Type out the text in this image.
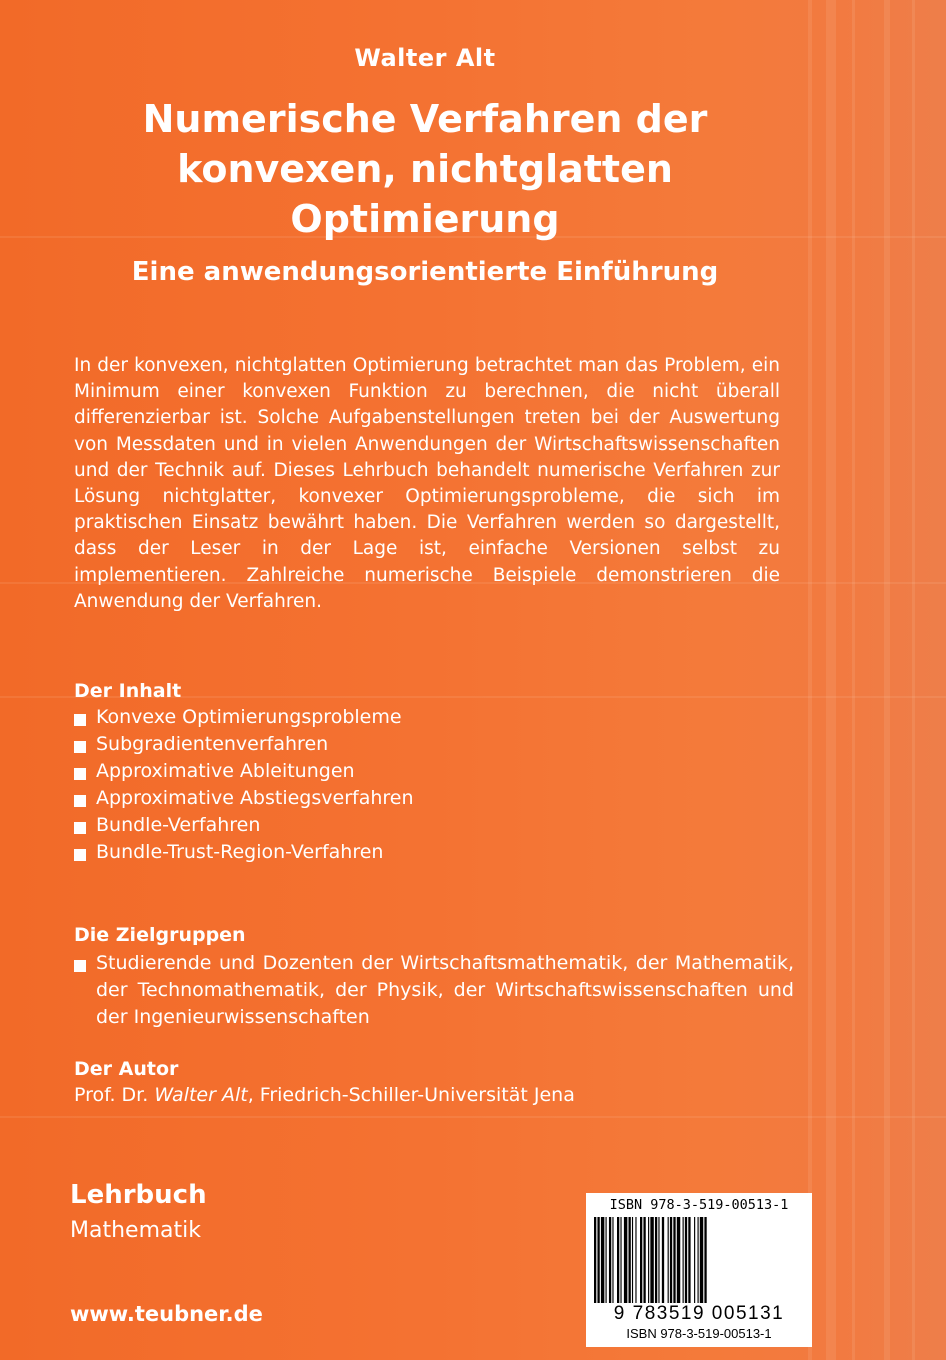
Walter Alt
Numerische Verfahren der
konvexen, nichtglatten
Optimierung
Eine anwendungsorientierte Einführung
In der konvexen, nichtglatten Optimierung betrachtet man das Problem, ein Minimum einer konvexen Funktion zu berechnen, die nicht überall differenzierbar ist. Solche Aufgabenstellungen treten bei der Auswertung von Messdaten und in vielen Anwendungen der Wirtschaftswissenschaften und der Technik auf. Dieses Lehrbuch behandelt numerische Verfahren zur Lösung nichtglatter, konvexer Optimierungsprobleme, die sich im praktischen Einsatz bewährt haben. Die Verfahren werden so dargestellt, dass der Leser in der Lage ist, einfache Versionen selbst zu implementieren. Zahlreiche numerische Beispiele demonstrieren die Anwendung der Verfahren.
Der Inhalt
Konvexe Optimierungsprobleme
Subgradientenverfahren
Approximative Ableitungen
Approximative Abstiegsverfahren
Bundle-Verfahren
Bundle-Trust-Region-Verfahren
Die Zielgruppen
Studierende und Dozenten der Wirtschaftsmathematik, der Mathematik, der Technomathematik, der Physik, der Wirtschaftswissenschaften und der Ingenieurwissenschaften
Der Autor
Prof. Dr. Walter Alt, Friedrich-Schiller-Universität Jena
Lehrbuch
Mathematik
www.teubner.de
ISBN 978-3-519-00513-1
9 783519 005131
ISBN 978-3-519-00513-1
